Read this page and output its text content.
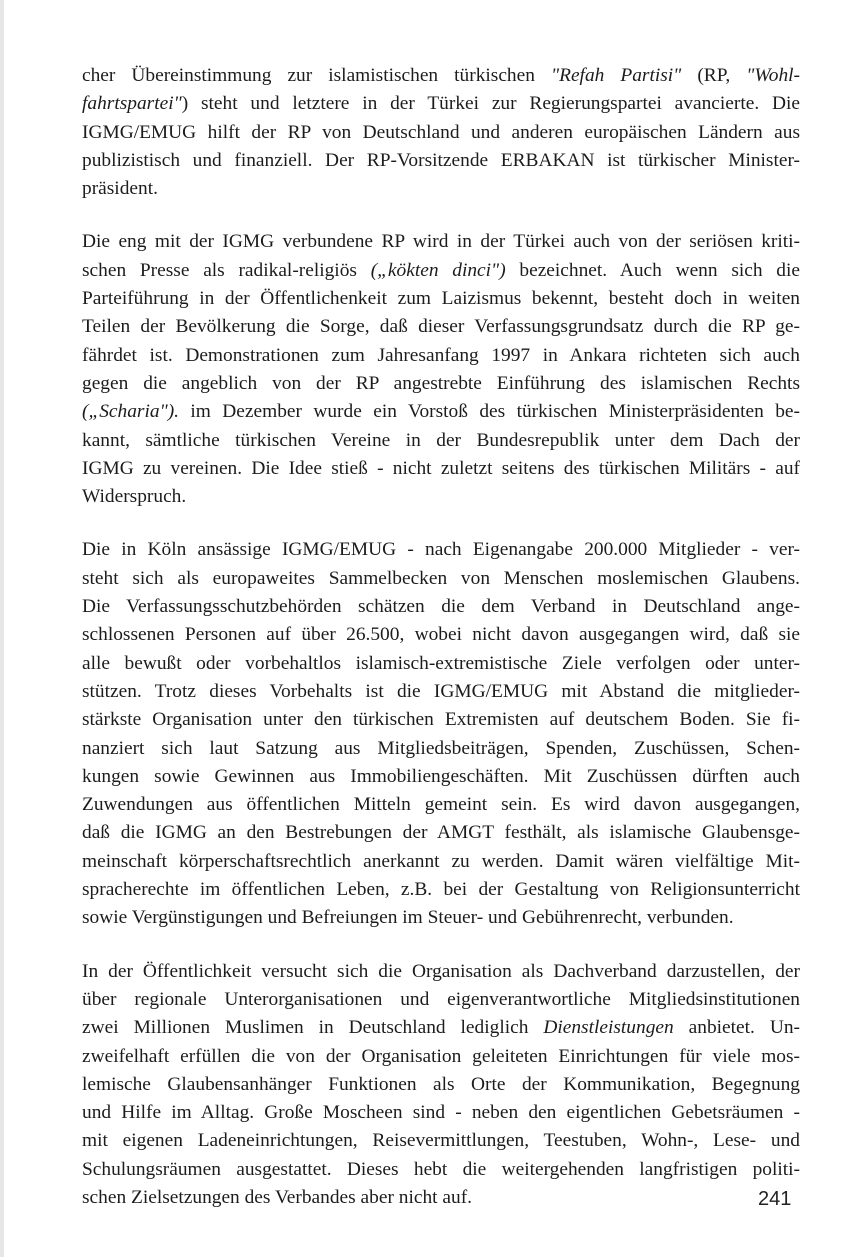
cher Übereinstimmung zur islamistischen türkischen "Refah Partisi" (RP, "Wohl-
fahrtspartei") steht und letztere in der Türkei zur Regierungspartei avancierte. Die
IGMG/EMUG hilft der RP von Deutschland und anderen europäischen Ländern aus
publizistisch und finanziell. Der RP-Vorsitzende ERBAKAN ist türkischer Minister-
präsident.

Die eng mit der IGMG verbundene RP wird in der Türkei auch von der seriösen kriti-
schen Presse als radikal-religiös („kökten dinci") bezeichnet. Auch wenn sich die
Parteiführung in der Öffentlichenkeit zum Laizismus bekennt, besteht doch in weiten
Teilen der Bevölkerung die Sorge, daß dieser Verfassungsgrundsatz durch die RP ge-
fährdet ist. Demonstrationen zum Jahresanfang 1997 in Ankara richteten sich auch
gegen die angeblich von der RP angestrebte Einführung des islamischen Rechts
(„Scharia"). im Dezember wurde ein Vorstoß des türkischen Ministerpräsidenten be-
kannt, sämtliche türkischen Vereine in der Bundesrepublik unter dem Dach der
IGMG zu vereinen. Die Idee stieß - nicht zuletzt seitens des türkischen Militärs - auf
Widerspruch.

Die in Köln ansässige IGMG/EMUG - nach Eigenangabe 200.000 Mitglieder - ver-
steht sich als europaweites Sammelbecken von Menschen moslemischen Glaubens.
Die Verfassungsschutzbehörden schätzen die dem Verband in Deutschland ange-
schlossenen Personen auf über 26.500, wobei nicht davon ausgegangen wird, daß sie
alle bewußt oder vorbehaltlos islamisch-extremistische Ziele verfolgen oder unter-
stützen. Trotz dieses Vorbehalts ist die IGMG/EMUG mit Abstand die mitglieder-
stärkste Organisation unter den türkischen Extremisten auf deutschem Boden. Sie fi-
nanziert sich laut Satzung aus Mitgliedsbeiträgen, Spenden, Zuschüssen, Schen-
kungen sowie Gewinnen aus Immobiliengeschäften. Mit Zuschüssen dürften auch
Zuwendungen aus öffentlichen Mitteln gemeint sein. Es wird davon ausgegangen,
daß die IGMG an den Bestrebungen der AMGT festhält, als islamische Glaubensge-
meinschaft körperschaftsrechtlich anerkannt zu werden. Damit wären vielfältige Mit-
spracherechte im öffentlichen Leben, z.B. bei der Gestaltung von Religionsunterricht
sowie Vergünstigungen und Befreiungen im Steuer- und Gebührenrecht, verbunden.

In der Öffentlichkeit versucht sich die Organisation als Dachverband darzustellen, der
über regionale Unterorganisationen und eigenverantwortliche Mitgliedsinstitutionen
zwei Millionen Muslimen in Deutschland lediglich Dienstleistungen anbietet. Un-
zweifelhaft erfüllen die von der Organisation geleiteten Einrichtungen für viele mos-
lemische Glaubensanhänger Funktionen als Orte der Kommunikation, Begegnung
und Hilfe im Alltag. Große Moscheen sind - neben den eigentlichen Gebetsräumen -
mit eigenen Ladeneinrichtungen, Reisevermittlungen, Teestuben, Wohn-, Lese- und
Schulungsräumen ausgestattet. Dieses hebt die weitergehenden langfristigen politi-
schen Zielsetzungen des Verbandes aber nicht auf.	241
